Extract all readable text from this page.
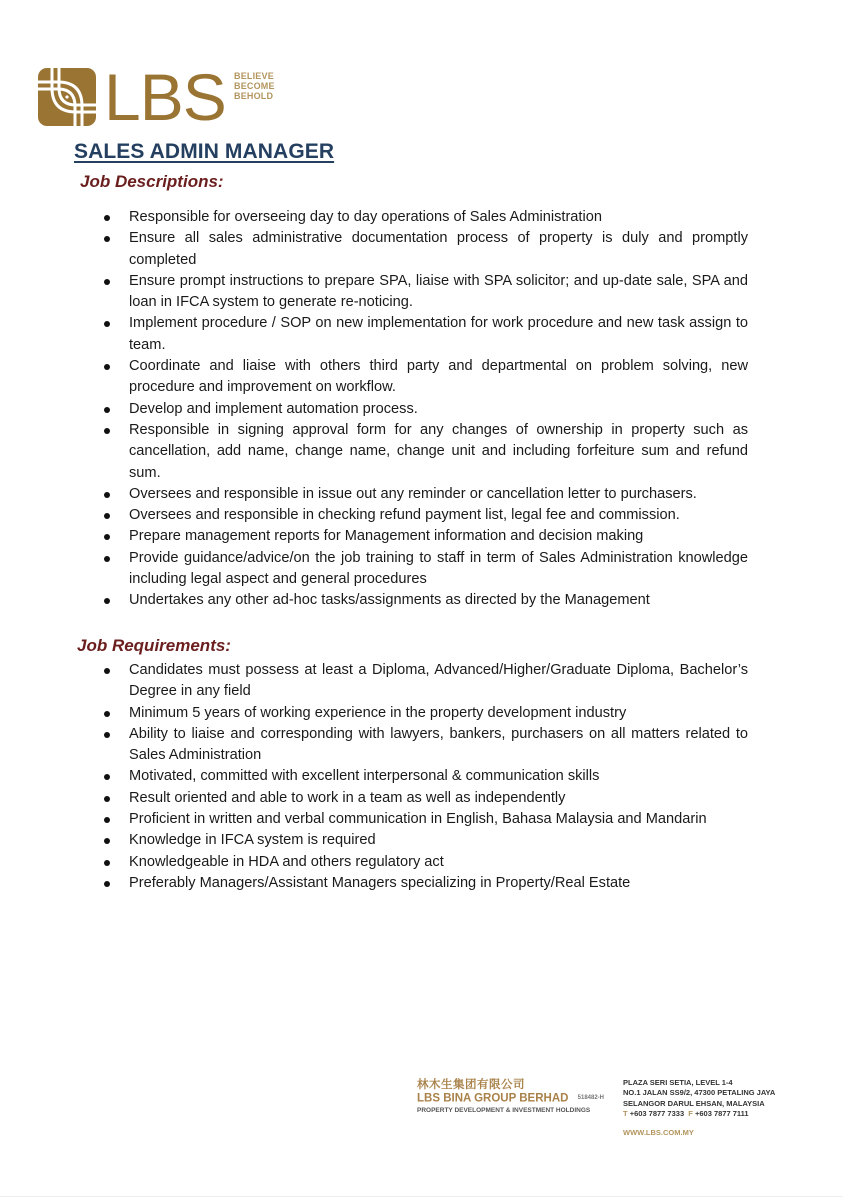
LBS BELIEVE
BECOME
BEHOLD
SALES ADMIN MANAGER
Job Descriptions:
Responsible for overseeing day to day operations of Sales Administration
Ensure all sales administrative documentation process of property is duly and promptly completed
Ensure prompt instructions to prepare SPA, liaise with SPA solicitor; and up-date sale, SPA and loan in IFCA system to generate re-noticing.
Implement procedure / SOP on new implementation for work procedure and new task assign to team.
Coordinate and liaise with others third party and departmental on problem solving, new procedure and improvement on workflow.
Develop and implement automation process.
Responsible in signing approval form for any changes of ownership in property such as cancellation, add name, change name, change unit and including forfeiture sum and refund sum.
Oversees and responsible in issue out any reminder or cancellation letter to purchasers.
Oversees and responsible in checking refund payment list, legal fee and commission.
Prepare management reports for Management information and decision making
Provide guidance/advice/on the job training to staff in term of Sales Administration knowledge including legal aspect and general procedures
Undertakes any other ad-hoc tasks/assignments as directed by the Management
Job Requirements:
Candidates must possess at least a Diploma, Advanced/Higher/Graduate Diploma, Bachelor’s Degree in any field
Minimum 5 years of working experience in the property development industry
Ability to liaise and corresponding with lawyers, bankers, purchasers on all matters related to Sales Administration
Motivated, committed with excellent interpersonal & communication skills
Result oriented and able to work in a team as well as independently
Proficient in written and verbal communication in English, Bahasa Malaysia and Mandarin
Knowledge in IFCA system is required
Knowledgeable in HDA and others regulatory act
Preferably Managers/Assistant Managers specializing in Property/Real Estate
林木生集团有限公司
LBS BINA GROUP BERHAD 518482-H
PROPERTY DEVELOPMENT & INVESTMENT HOLDINGS
PLAZA SERI SETIA, LEVEL 1-4
NO.1 JALAN SS9/2, 47300 PETALING JAYA
SELANGOR DARUL EHSAN, MALAYSIA
T +603 7877 7333 F +603 7877 7111
WWW.LBS.COM.MY
